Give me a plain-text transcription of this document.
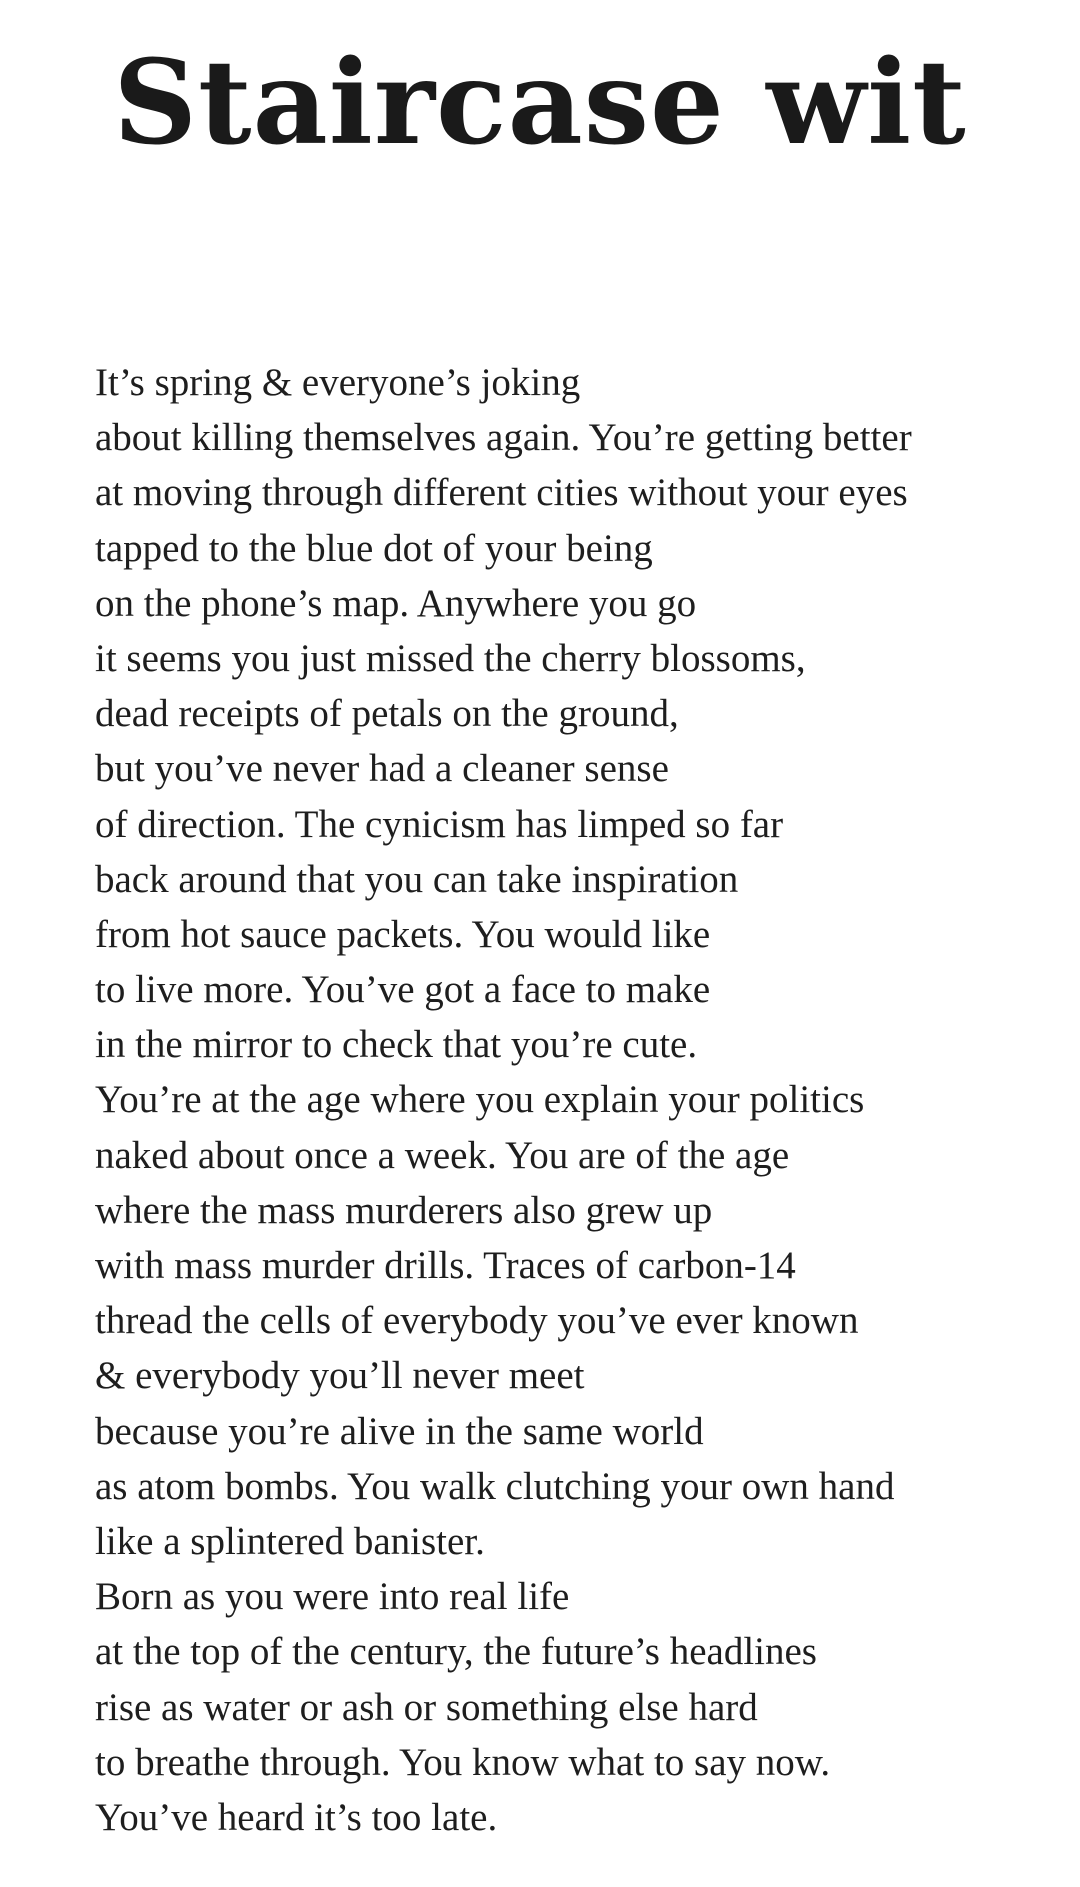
Staircase wit
It’s spring & everyone’s joking
about killing themselves again. You’re getting better
at moving through different cities without your eyes
tapped to the blue dot of your being
on the phone’s map. Anywhere you go
it seems you just missed the cherry blossoms,
dead receipts of petals on the ground,
but you’ve never had a cleaner sense
of direction. The cynicism has limped so far
back around that you can take inspiration
from hot sauce packets. You would like
to live more. You’ve got a face to make
in the mirror to check that you’re cute.
You’re at the age where you explain your politics
naked about once a week. You are of the age
where the mass murderers also grew up
with mass murder drills. Traces of carbon-14
thread the cells of everybody you’ve ever known
& everybody you’ll never meet
because you’re alive in the same world
as atom bombs. You walk clutching your own hand
like a splintered banister.
Born as you were into real life
at the top of the century, the future’s headlines
rise as water or ash or something else hard
to breathe through. You know what to say now.
You’ve heard it’s too late.
